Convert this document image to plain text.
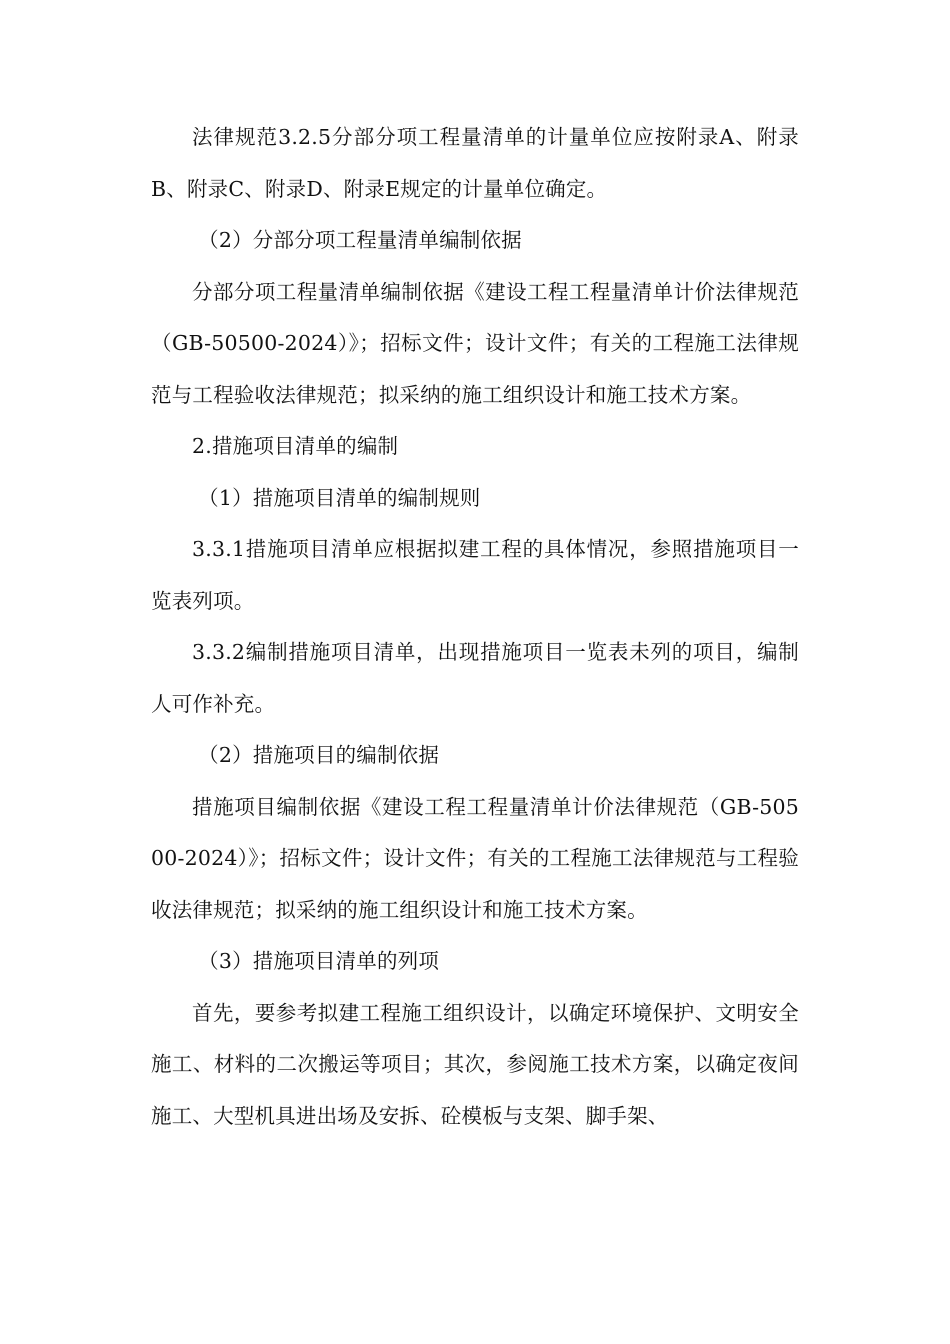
法律规范3.2.5分部分项工程量清单的计量单位应按附录A、附录B、附录C、附录D、附录E规定的计量单位确定。

（2）分部分项工程量清单编制依据

分部分项工程量清单编制依据《建设工程工程量清单计价法律规范（GB-50500-2024）》；招标文件；设计文件；有关的工程施工法律规范与工程验收法律规范；拟采纳的施工组织设计和施工技术方案。

2.措施项目清单的编制

（1）措施项目清单的编制规则

3.3.1措施项目清单应根据拟建工程的具体情况，参照措施项目一览表列项。

3.3.2编制措施项目清单，出现措施项目一览表未列的项目，编制人可作补充。

（2）措施项目的编制依据

措施项目编制依据《建设工程工程量清单计价法律规范（GB-50500-2024）》；招标文件；设计文件；有关的工程施工法律规范与工程验收法律规范；拟采纳的施工组织设计和施工技术方案。

（3）措施项目清单的列项

首先，要参考拟建工程施工组织设计，以确定环境保护、文明安全施工、材料的二次搬运等项目；其次，参阅施工技术方案，以确定夜间施工、大型机具进出场及安拆、砼模板与支架、脚手架、
